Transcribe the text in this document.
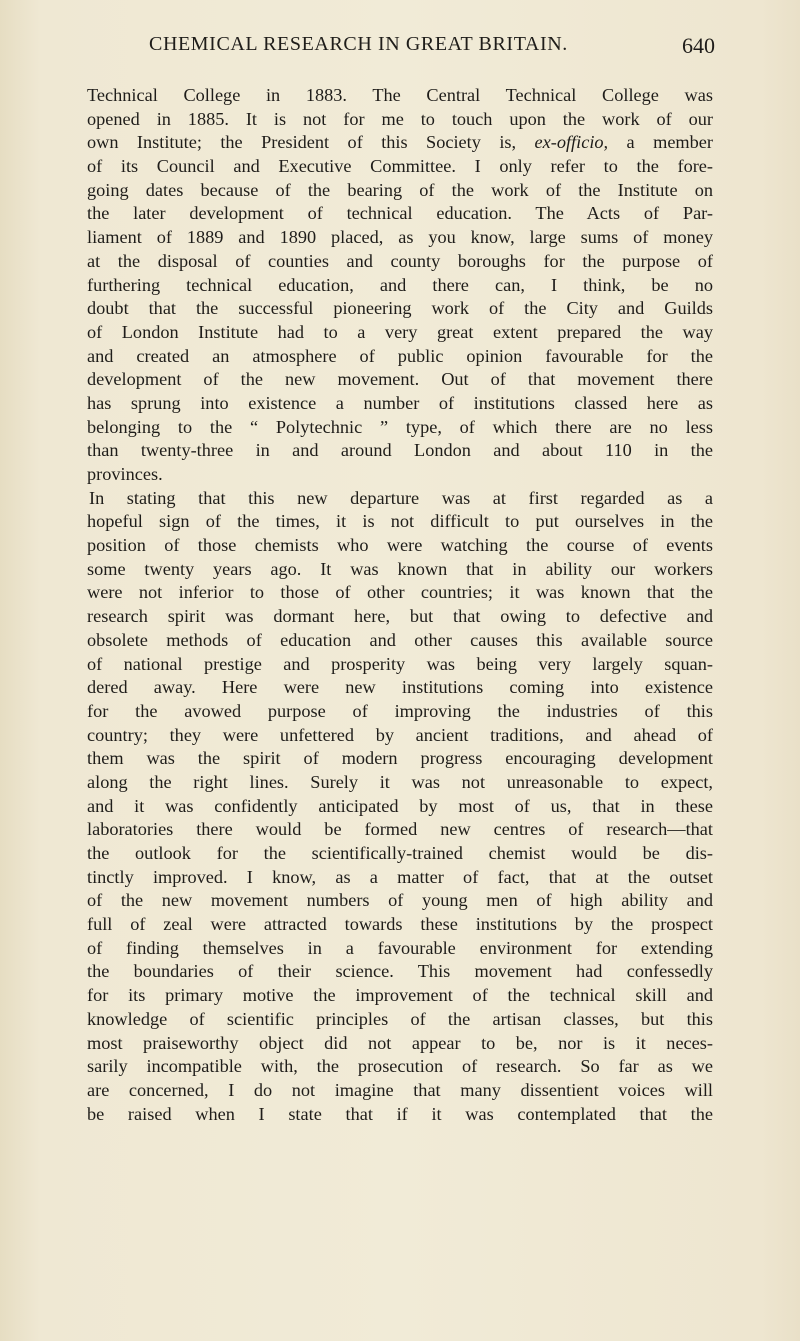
CHEMICAL RESEARCH IN GREAT BRITAIN.	640
Technical College in 1883. The Central Technical College was
opened in 1885. It is not for me to touch upon the work of our
own Institute; the President of this Society is, ex-officio, a member
of its Council and Executive Committee. I only refer to the fore-
going dates because of the bearing of the work of the Institute on
the later development of technical education. The Acts of Par-
liament of 1889 and 1890 placed, as you know, large sums of money
at the disposal of counties and county boroughs for the purpose of
furthering technical education, and there can, I think, be no
doubt that the successful pioneering work of the City and Guilds
of London Institute had to a very great extent prepared the way
and created an atmosphere of public opinion favourable for the
development of the new movement. Out of that movement there
has sprung into existence a number of institutions classed here as
belonging to the “ Polytechnic ” type, of which there are no less
than twenty-three in and around London and about 110 in the
provinces.
In stating that this new departure was at first regarded as a
hopeful sign of the times, it is not difficult to put ourselves in the
position of those chemists who were watching the course of events
some twenty years ago. It was known that in ability our workers
were not inferior to those of other countries; it was known that the
research spirit was dormant here, but that owing to defective and
obsolete methods of education and other causes this available source
of national prestige and prosperity was being very largely squan-
dered away. Here were new institutions coming into existence
for the avowed purpose of improving the industries of this
country; they were unfettered by ancient traditions, and ahead of
them was the spirit of modern progress encouraging development
along the right lines. Surely it was not unreasonable to expect,
and it was confidently anticipated by most of us, that in these
laboratories there would be formed new centres of research—that
the outlook for the scientifically-trained chemist would be dis-
tinctly improved. I know, as a matter of fact, that at the outset
of the new movement numbers of young men of high ability and
full of zeal were attracted towards these institutions by the prospect
of finding themselves in a favourable environment for extending
the boundaries of their science. This movement had confessedly
for its primary motive the improvement of the technical skill and
knowledge of scientific principles of the artisan classes, but this
most praiseworthy object did not appear to be, nor is it neces-
sarily incompatible with, the prosecution of research. So far as we
are concerned, I do not imagine that many dissentient voices will
be raised when I state that if it was contemplated that the
